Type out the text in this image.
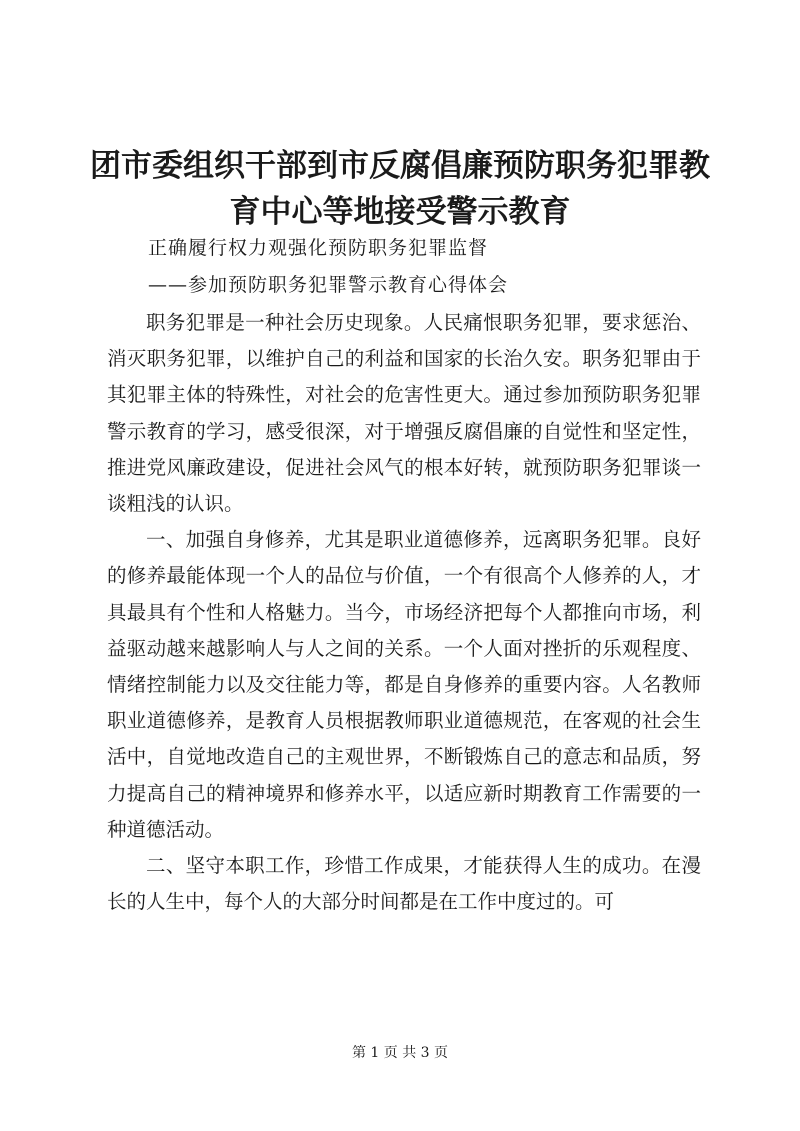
团市委组织干部到市反腐倡廉预防职务犯罪教育中心等地接受警示教育

正确履行权力观强化预防职务犯罪监督

——参加预防职务犯罪警示教育心得体会

职务犯罪是一种社会历史现象。人民痛恨职务犯罪，要求惩治、消灭职务犯罪，以维护自己的利益和国家的长治久安。职务犯罪由于其犯罪主体的特殊性，对社会的危害性更大。通过参加预防职务犯罪警示教育的学习，感受很深，对于增强反腐倡廉的自觉性和坚定性，推进党风廉政建设，促进社会风气的根本好转，就预防职务犯罪谈一谈粗浅的认识。

一、加强自身修养，尤其是职业道德修养，远离职务犯罪。良好的修养最能体现一个人的品位与价值，一个有很高个人修养的人，才具最具有个性和人格魅力。当今，市场经济把每个人都推向市场，利益驱动越来越影响人与人之间的关系。一个人面对挫折的乐观程度、情绪控制能力以及交往能力等，都是自身修养的重要内容。人名教师职业道德修养，是教育人员根据教师职业道德规范，在客观的社会生活中，自觉地改造自己的主观世界，不断锻炼自己的意志和品质，努力提高自己的精神境界和修养水平，以适应新时期教育工作需要的一种道德活动。

二、坚守本职工作，珍惜工作成果，才能获得人生的成功。在漫长的人生中，每个人的大部分时间都是在工作中度过的。可

第 1 页 共 3 页
